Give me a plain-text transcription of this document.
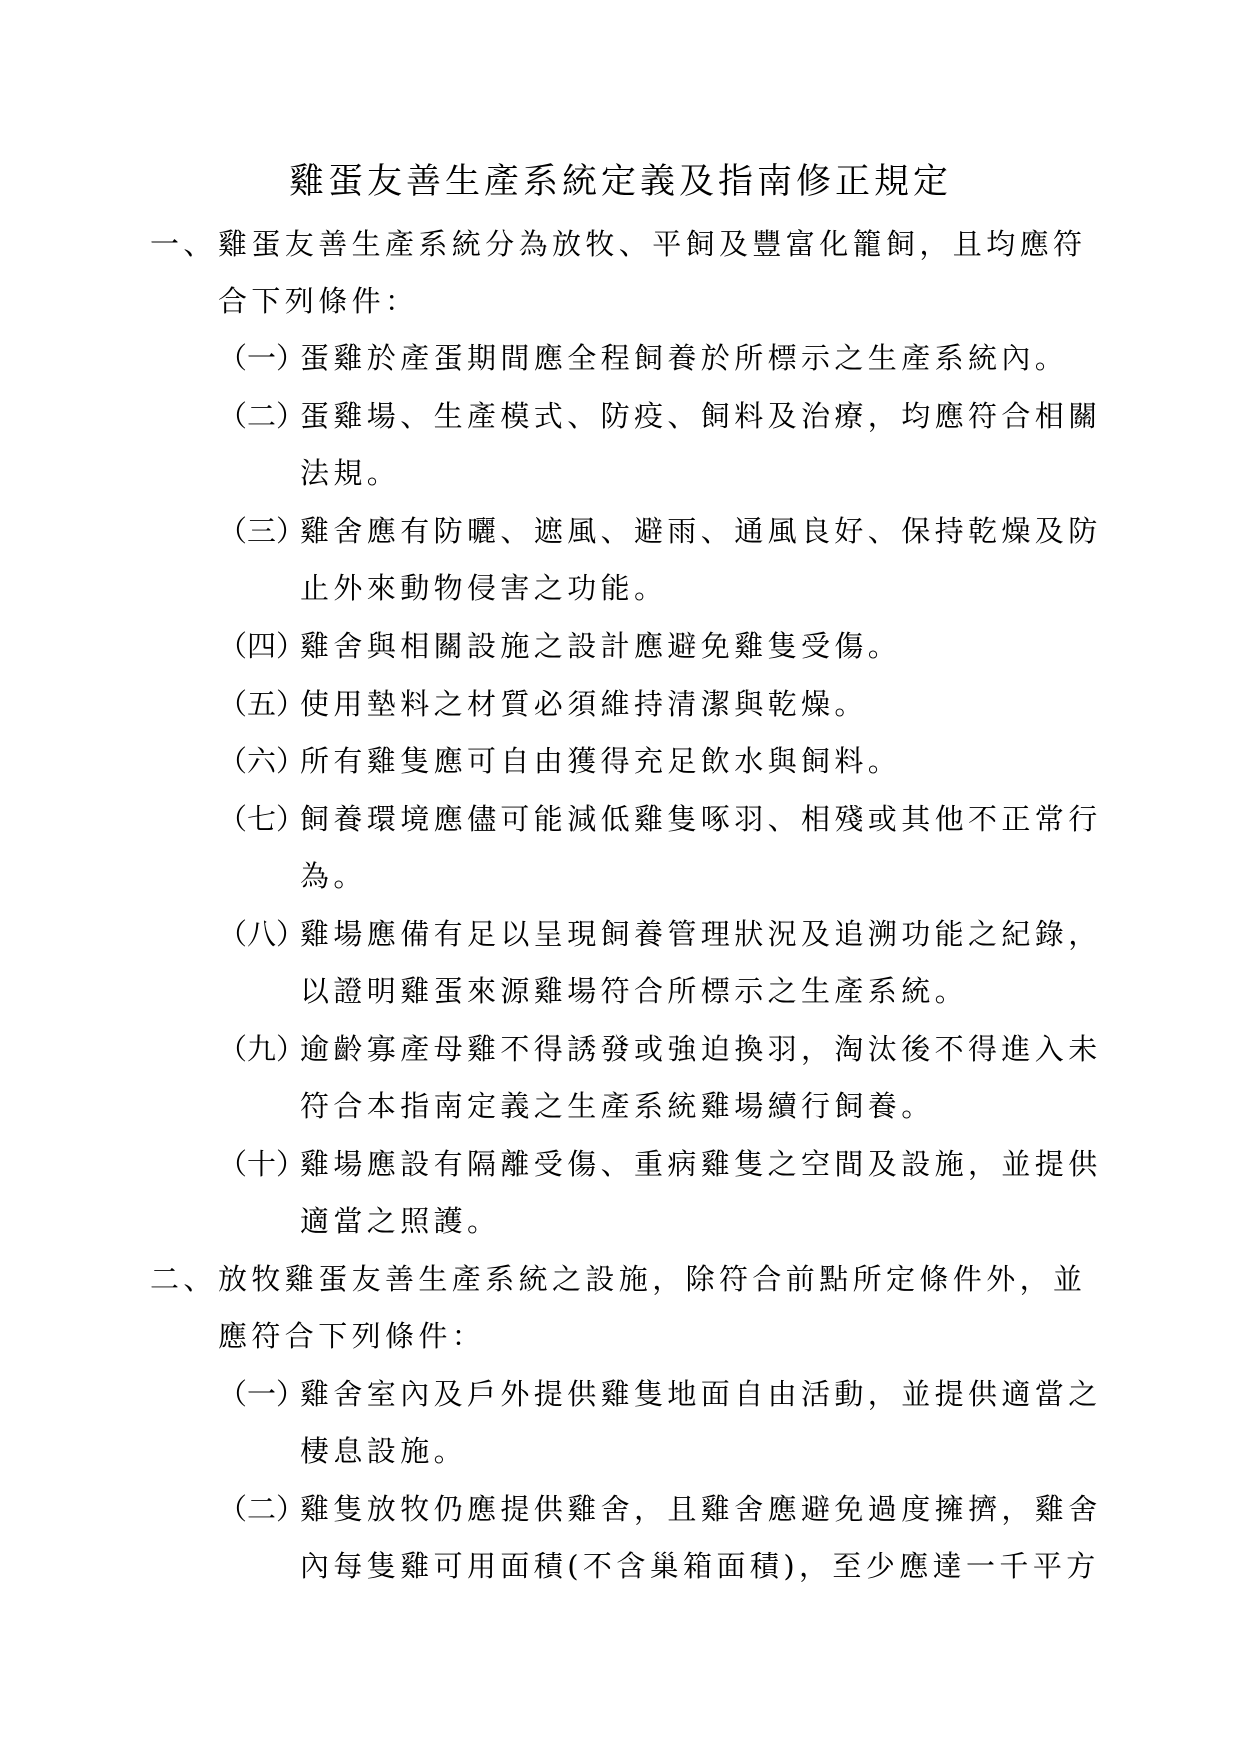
雞蛋友善生產系統定義及指南修正規定
一、 雞蛋友善生產系統分為放牧、平飼及豐富化籠飼，且均應符
合下列條件：
（一）
蛋雞於產蛋期間應全程飼養於所標示之生產系統內。
（二）
蛋雞場、生產模式、防疫、飼料及治療，均應符合相關
法規。
（三）
雞舍應有防曬、遮風、避雨、通風良好、保持乾燥及防
止外來動物侵害之功能。
（四）
雞舍與相關設施之設計應避免雞隻受傷。
（五）
使用墊料之材質必須維持清潔與乾燥。
（六）
所有雞隻應可自由獲得充足飲水與飼料。
（七）
飼養環境應儘可能減低雞隻啄羽、相殘或其他不正常行
為。
（八）
雞場應備有足以呈現飼養管理狀況及追溯功能之紀錄，
以證明雞蛋來源雞場符合所標示之生產系統。
（九）
逾齡寡產母雞不得誘發或強迫換羽，淘汰後不得進入未
符合本指南定義之生產系統雞場續行飼養。
（十）
雞場應設有隔離受傷、重病雞隻之空間及設施，並提供
適當之照護。
二、 放牧雞蛋友善生產系統之設施，除符合前點所定條件外，並
應符合下列條件：
（一）
雞舍室內及戶外提供雞隻地面自由活動，並提供適當之
棲息設施。
（二）
雞隻放牧仍應提供雞舍，且雞舍應避免過度擁擠，雞舍
內每隻雞可用面積(不含巢箱面積)，至少應達一千平方
